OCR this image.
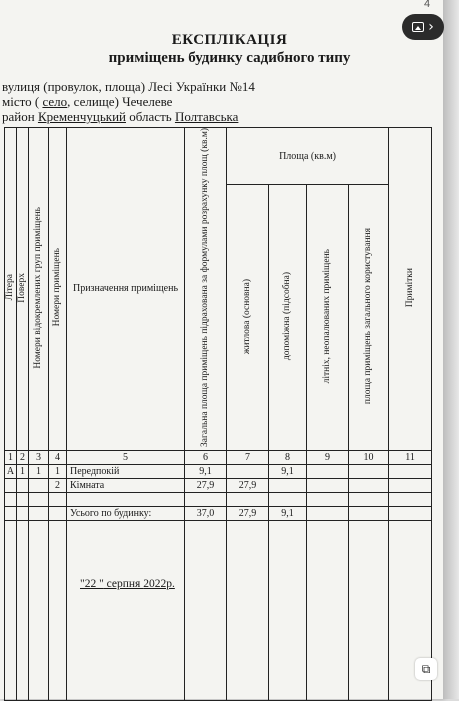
4
›
ЕКСПЛІКАЦІЯ
приміщень будинку садибного типу
вулиця (провулок, площа) Лесі Українки №14
місто ( село, селище) Чечелеве
район Кременчуцький область Полтавська
Літера	Поверх	Номери відокремлених груп приміщень	Номери приміщень	Призначення приміщень	Загальна площа приміщень підрахована за формулами розрахунку площ (кв.м)	Площа (кв.м)				Примітки
						житлова (основна)	допоміжна (підсобна)	літніх, неопалюваних приміщень	площа приміщень загального користування	
1	2	3	4	5	6	7	8	9	10	11
А	1	1	1	Передпокій	9,1		9,1			
			2	Кімната	27,9	27,9				

				Усього по будинку:	37,0	27,9	9,1			

"22 " серпня 2022р.
⧉
